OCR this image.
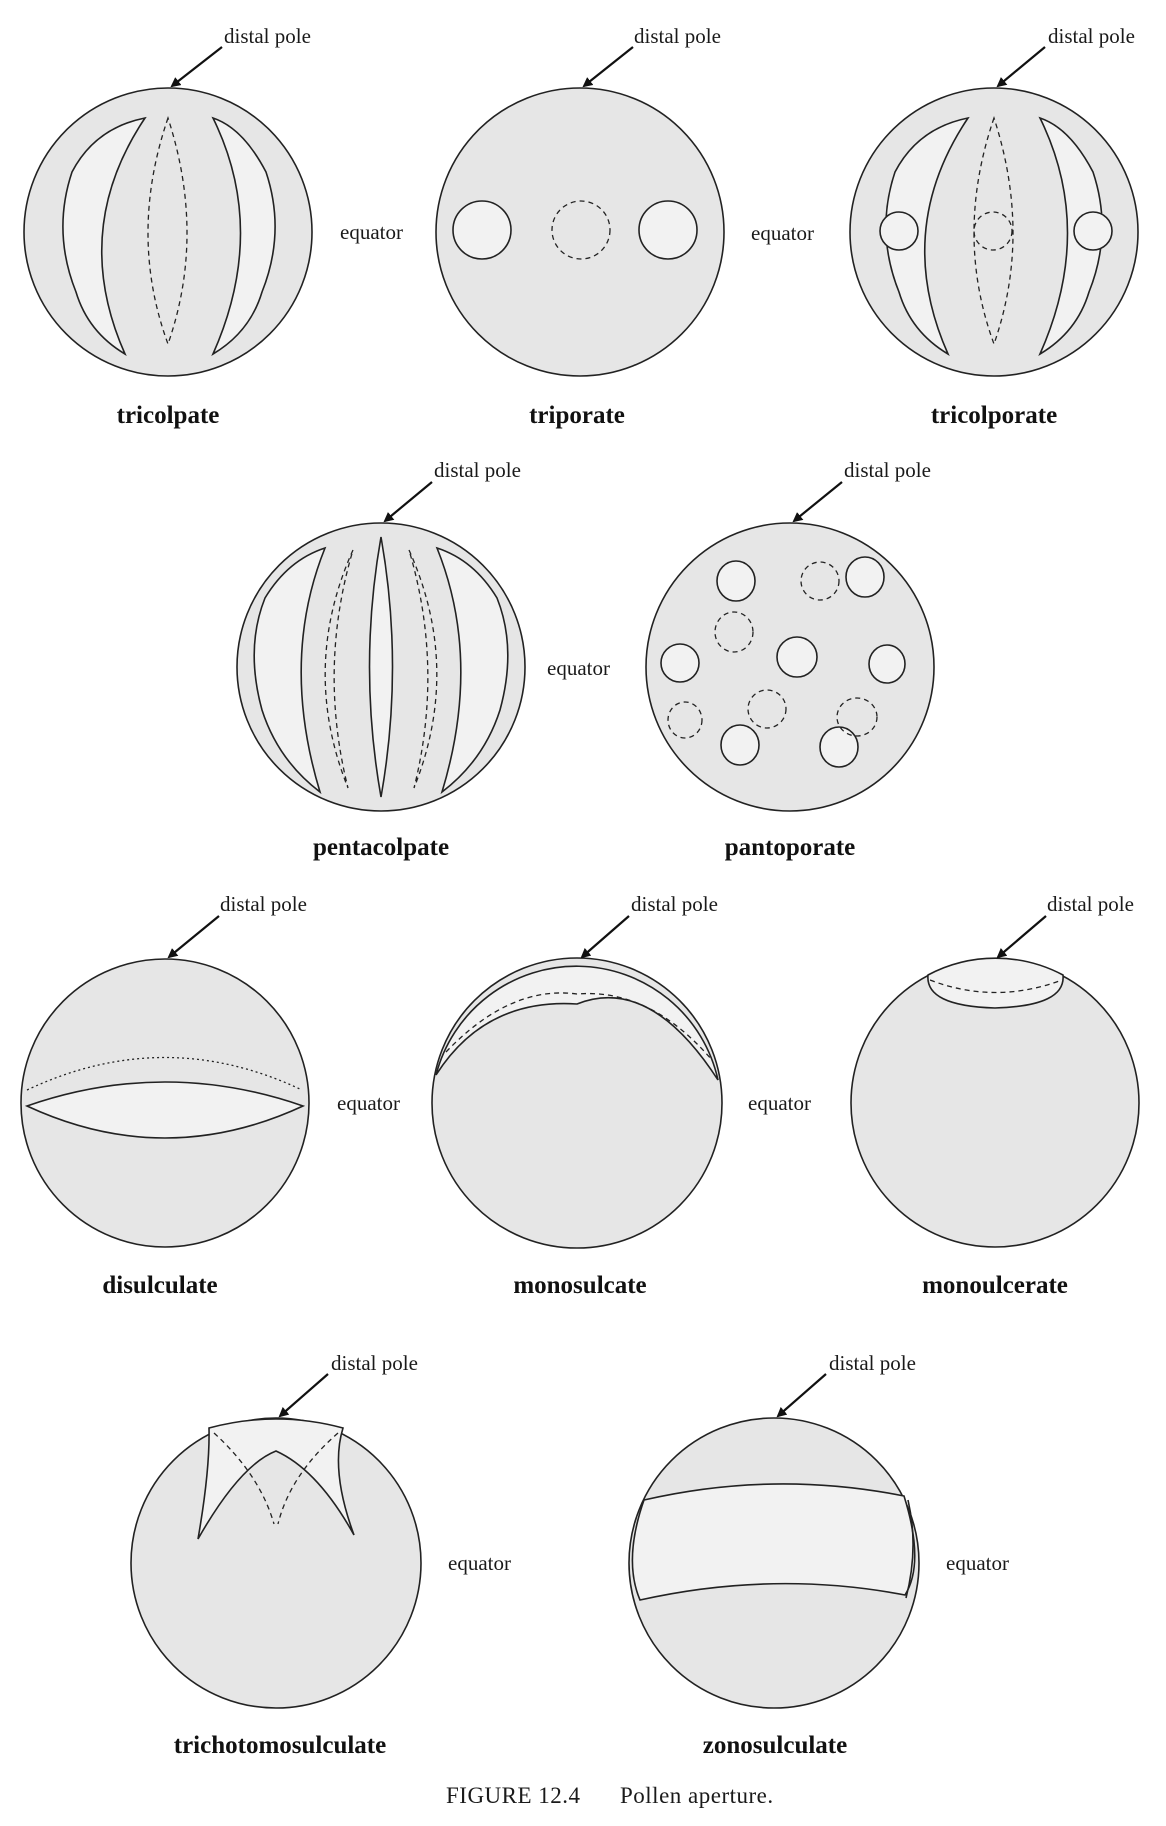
distal pole
equator
tricolpate
distal pole
equator
triporate
distal pole
tricolporate
distal pole
equator
pentacolpate
distal pole
pantoporate
distal pole
equator
disulculate
distal pole
equator
monosulcate
distal pole
monoulcerate
distal pole
equator
trichotomosulculate
distal pole
equator
zonosulculate
FIGURE 12.4 Pollen aperture.
